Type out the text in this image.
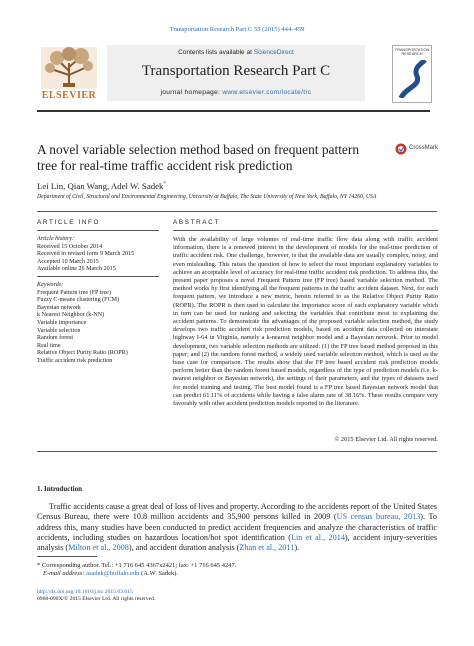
Transportation Research Part C 55 (2015) 444–459
ELSEVIER
Contents lists available at ScienceDirect
Transportation Research Part C
journal homepage: www.elsevier.com/locate/trc
TRANSPORTATION RESEARCH
A novel variable selection method based on frequent pattern tree for real-time traffic accident risk prediction
CrossMark
Lei Lin, Qian Wang, Adel W. Sadek*
Department of Civil, Structural and Environmental Engineering, University at Buffalo, The State University of New York, Buffalo, NY 14260, USA
ARTICLE INFO	ABSTRACT
Article history:
Received 15 October 2014
Received in revised form 9 March 2015
Accepted 10 March 2015
Available online 26 March 2015
Keywords:
Frequent Pattern tree (FP tree)
Fuzzy C-means clustering (FCM)
Bayesian network
k Nearest Neighbor (k-NN)
Variable importance
Variable selection
Random forest
Real time
Relative Object Purity Ratio (ROPR)
Traffic accident risk prediction
With the availability of large volumes of real-time traffic flow data along with traffic accident information, there is a renewed interest in the development of models for the real-time prediction of traffic accident risk. One challenge, however, is that the available data are usually complex, noisy, and even misleading. This raises the question of how to select the most important explanatory variables to achieve an acceptable level of accuracy for real-time traffic accident risk prediction. To address this, the present paper proposes a novel Frequent Pattern tree (FP tree) based variable selection method. The method works by first identifying all the frequent patterns in the traffic accident dataset. Next, for each frequent pattern, we introduce a new metric, herein referred to as the Relative Object Purity Ratio (ROPR). The ROPR is then used to calculate the importance score of each explanatory variable which in turn can be used for ranking and selecting the variables that contribute most to explaining the accident patterns. To demonstrate the advantages of the proposed variable selection method, the study develops two traffic accident risk prediction models, based on accident data collected on interstate highway I-64 in Virginia, namely a k-nearest neighbor model and a Bayesian network. Prior to model development, two variable selection methods are utilized: (1) the FP tree based method proposed in this paper; and (2) the random forest method, a widely used variable selection method, which is used as the base case for comparison. The results show that the FP tree based accident risk prediction models perform better than the random forest based models, regardless of the type of prediction models (i.e. k-nearest neighbor or Bayesian network), the settings of their parameters, and the types of datasets used for model training and testing. The best model found is a FP tree based Bayesian network model that can predict 61.11% of accidents while having a false alarm rate of 38.16%. These results compare very favorably with other accident prediction models reported in the literature.
© 2015 Elsevier Ltd. All rights reserved.
1. Introduction
Traffic accidents cause a great deal of loss of lives and property. According to the accidents report of the United States Census Bureau, there were 10.8 million accidents and 35,900 persons killed in 2009 (US census bureau, 2013). To address this, many studies have been conducted to predict accident frequencies and analyze the characteristics of traffic accidents, including studies on hazardous location/hot spot identification (Lin et al., 2014), accident injury-severities analysis (Milton et al., 2008), and accident duration analysis (Zhan et al., 2011).
* Corresponding author. Tel.: +1 716 645 4367x2421; fax: +1 716 645 4247.
E-mail address: asadek@buffalo.edu (A.W. Sadek).
http://dx.doi.org/10.1016/j.trc.2015.03.015
0968-090X/© 2015 Elsevier Ltd. All rights reserved.
